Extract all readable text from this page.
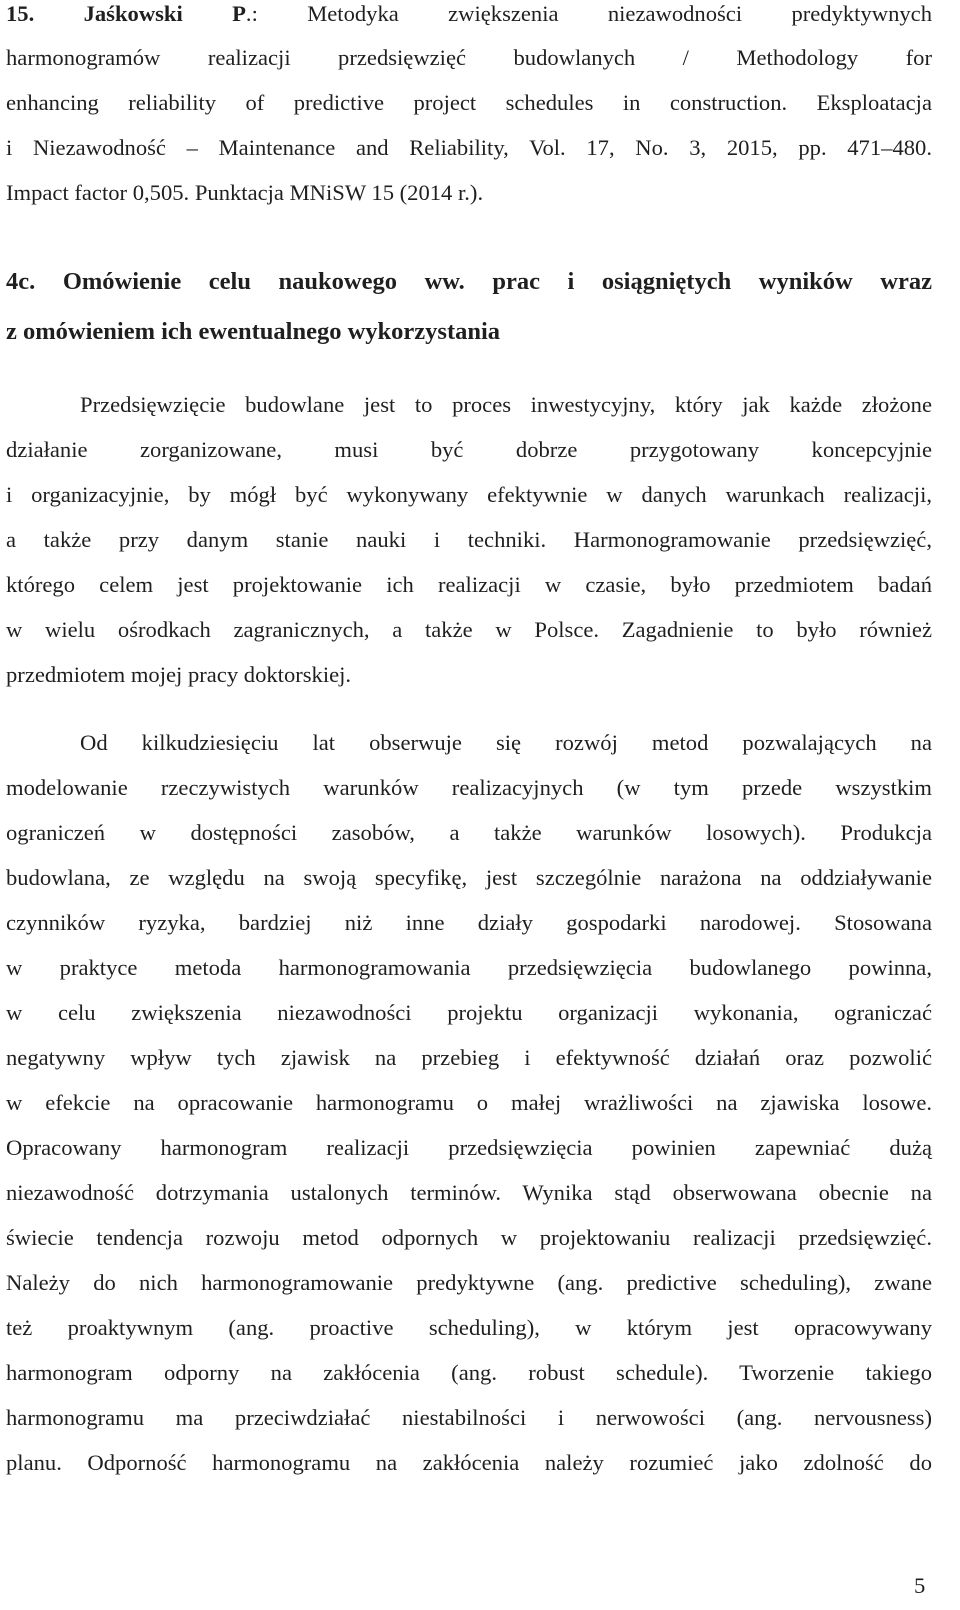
15. Jaśkowski P.: Metodyka zwiększenia niezawodności predyktywnych
harmonogramów realizacji przedsięwzięć budowlanych / Methodology for
enhancing reliability of predictive project schedules in construction. Eksploatacja
i Niezawodność – Maintenance and Reliability, Vol. 17, No. 3, 2015, pp. 471–480.
Impact factor 0,505. Punktacja MNiSW 15 (2014 r.).
4c. Omówienie celu naukowego ww. prac i osiągniętych wyników wraz
z omówieniem ich ewentualnego wykorzystania
Przedsięwzięcie budowlane jest to proces inwestycyjny, który jak każde złożone
działanie zorganizowane, musi być dobrze przygotowany koncepcyjnie
i organizacyjnie, by mógł być wykonywany efektywnie w danych warunkach realizacji,
a także przy danym stanie nauki i techniki. Harmonogramowanie przedsięwzięć,
którego celem jest projektowanie ich realizacji w czasie, było przedmiotem badań
w wielu ośrodkach zagranicznych, a także w Polsce. Zagadnienie to było również
przedmiotem mojej pracy doktorskiej.
Od kilkudziesięciu lat obserwuje się rozwój metod pozwalających na
modelowanie rzeczywistych warunków realizacyjnych (w tym przede wszystkim
ograniczeń w dostępności zasobów, a także warunków losowych). Produkcja
budowlana, ze względu na swoją specyfikę, jest szczególnie narażona na oddziaływanie
czynników ryzyka, bardziej niż inne działy gospodarki narodowej. Stosowana
w praktyce metoda harmonogramowania przedsięwzięcia budowlanego powinna,
w celu zwiększenia niezawodności projektu organizacji wykonania, ograniczać
negatywny wpływ tych zjawisk na przebieg i efektywność działań oraz pozwolić
w efekcie na opracowanie harmonogramu o małej wrażliwości na zjawiska losowe.
Opracowany harmonogram realizacji przedsięwzięcia powinien zapewniać dużą
niezawodność dotrzymania ustalonych terminów. Wynika stąd obserwowana obecnie na
świecie tendencja rozwoju metod odpornych w projektowaniu realizacji przedsięwzięć.
Należy do nich harmonogramowanie predyktywne (ang. predictive scheduling), zwane
też proaktywnym (ang. proactive scheduling), w którym jest opracowywany
harmonogram odporny na zakłócenia (ang. robust schedule). Tworzenie takiego
harmonogramu ma przeciwdziałać niestabilności i nerwowości (ang. nervousness)
planu. Odporność harmonogramu na zakłócenia należy rozumieć jako zdolność do
5
